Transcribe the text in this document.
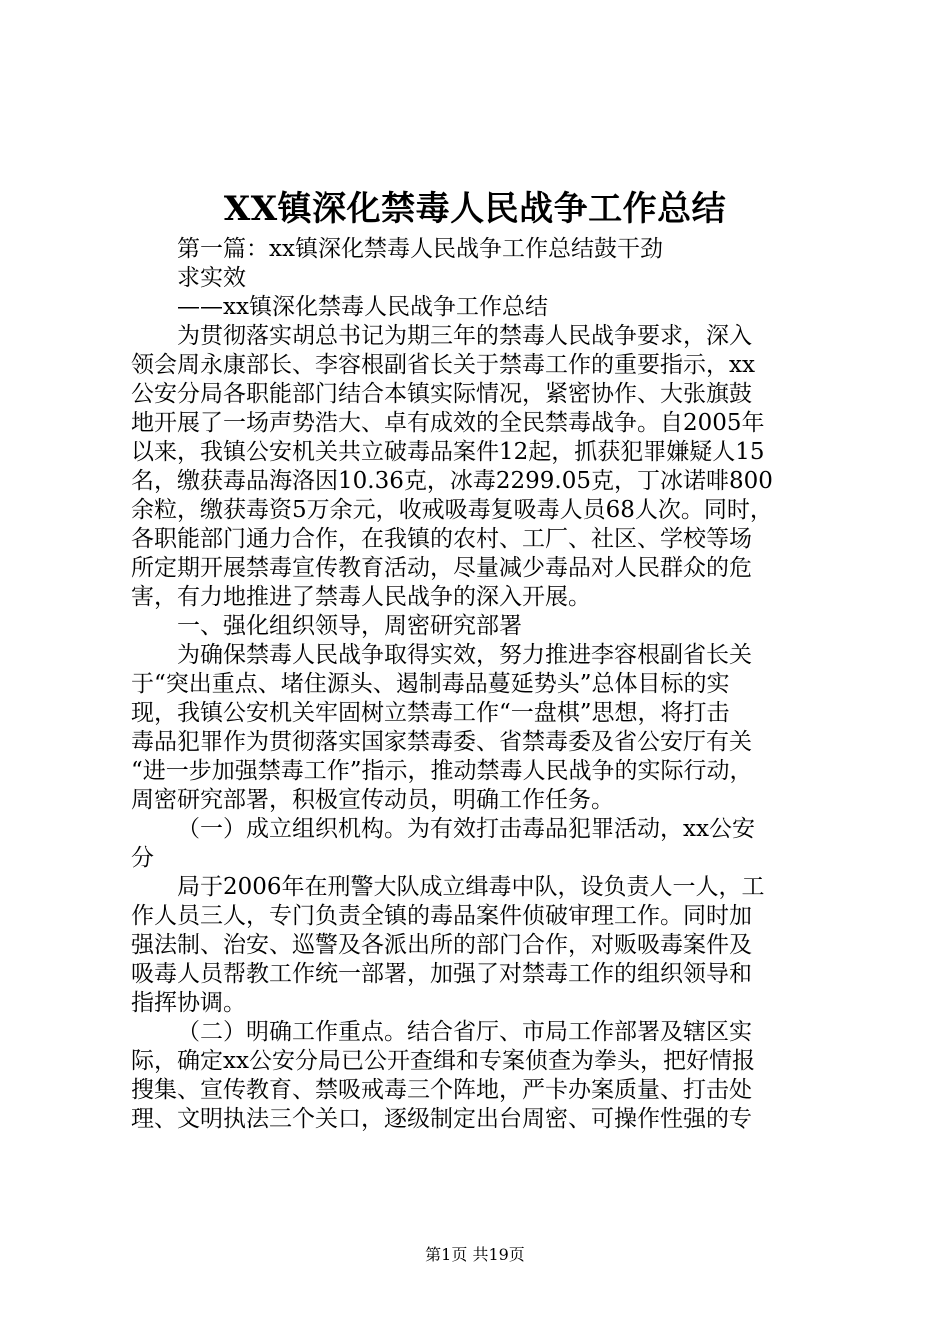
XX镇深化禁毒人民战争工作总结
第一篇：xx镇深化禁毒人民战争工作总结鼓干劲
求实效
——xx镇深化禁毒人民战争工作总结
为贯彻落实胡总书记为期三年的禁毒人民战争要求，深入
领会周永康部长、李容根副省长关于禁毒工作的重要指示，xx
公安分局各职能部门结合本镇实际情况，紧密协作、大张旗鼓
地开展了一场声势浩大、卓有成效的全民禁毒战争。自2005年
以来，我镇公安机关共立破毒品案件12起，抓获犯罪嫌疑人15
名，缴获毒品海洛因10.36克，冰毒2299.05克，丁冰诺啡800
余粒，缴获毒资5万余元，收戒吸毒复吸毒人员68人次。同时，
各职能部门通力合作，在我镇的农村、工厂、社区、学校等场
所定期开展禁毒宣传教育活动，尽量减少毒品对人民群众的危
害，有力地推进了禁毒人民战争的深入开展。
一、强化组织领导，周密研究部署
为确保禁毒人民战争取得实效，努力推进李容根副省长关
于“突出重点、堵住源头、遏制毒品蔓延势头”总体目标的实
现，我镇公安机关牢固树立禁毒工作“一盘棋”思想，将打击
毒品犯罪作为贯彻落实国家禁毒委、省禁毒委及省公安厅有关
“进一步加强禁毒工作”指示，推动禁毒人民战争的实际行动，
周密研究部署，积极宣传动员，明确工作任务。
（一）成立组织机构。为有效打击毒品犯罪活动，xx公安
分
局于2006年在刑警大队成立缉毒中队，设负责人一人，工
作人员三人，专门负责全镇的毒品案件侦破审理工作。同时加
强法制、治安、巡警及各派出所的部门合作，对贩吸毒案件及
吸毒人员帮教工作统一部署，加强了对禁毒工作的组织领导和
指挥协调。
（二）明确工作重点。结合省厅、市局工作部署及辖区实
际，确定xx公安分局已公开查缉和专案侦查为拳头，把好情报
搜集、宣传教育、禁吸戒毒三个阵地，严卡办案质量、打击处
理、文明执法三个关口，逐级制定出台周密、可操作性强的专
第1页 共19页
